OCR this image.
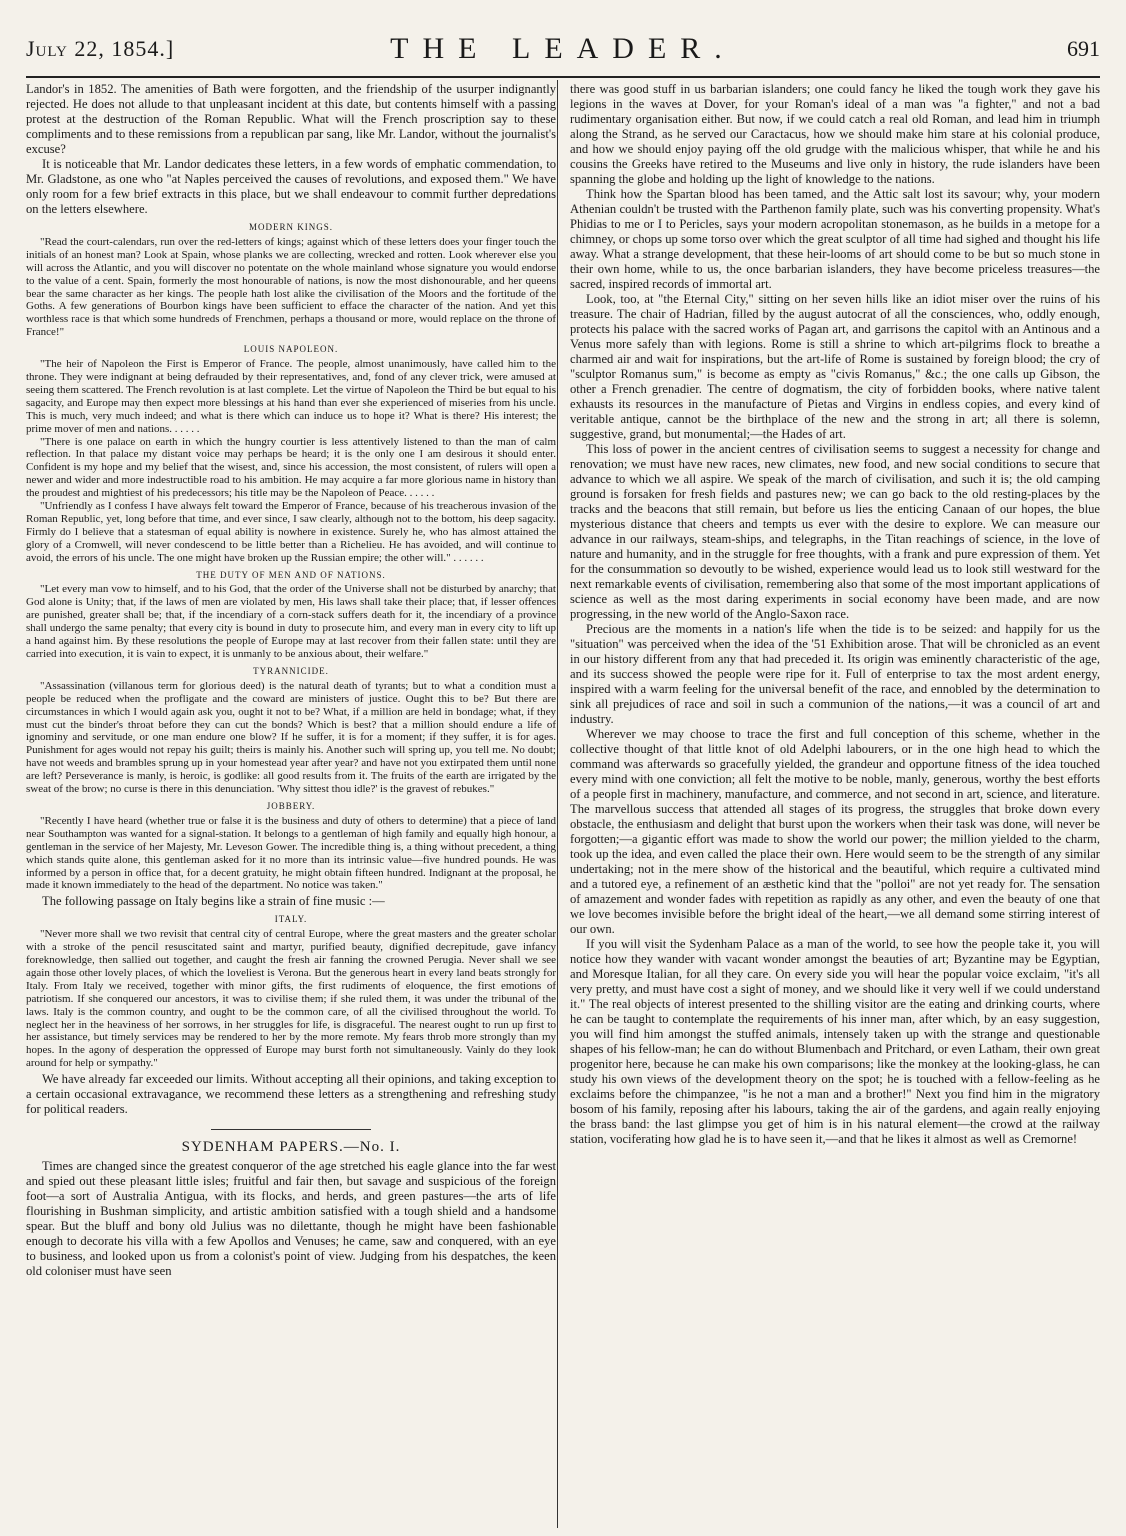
July 22, 1854.]	THE LEADER.	691

Landor's in 1852. The amenities of Bath were forgotten, and the friendship of the usurper indignantly rejected. He does not allude to that unpleasant incident at this date, but contents himself with a passing protest at the destruction of the Roman Republic. What will the French proscription say to these compliments and to these remissions from a republican par sang, like Mr. Landor, without the journalist's excuse?

It is noticeable that Mr. Landor dedicates these letters, in a few words of emphatic commendation, to Mr. Gladstone, as one who "at Naples perceived the causes of revolutions, and exposed them." We have only room for a few brief extracts in this place, but we shall endeavour to commit further depredations on the letters elsewhere.

MODERN KINGS.

"Read the court-calendars, run over the red-letters of kings; against which of these letters does your finger touch the initials of an honest man? Look at Spain, whose planks we are collecting, wrecked and rotten. Look wherever else you will across the Atlantic, and you will discover no potentate on the whole mainland whose signature you would endorse to the value of a cent. Spain, formerly the most honourable of nations, is now the most dishonourable, and her queens bear the same character as her kings. The people hath lost alike the civilisation of the Moors and the fortitude of the Goths. A few generations of Bourbon kings have been sufficient to efface the character of the nation. And yet this worthless race is that which some hundreds of Frenchmen, perhaps a thousand or more, would replace on the throne of France!"

LOUIS NAPOLEON.

"The heir of Napoleon the First is Emperor of France. The people, almost unanimously, have called him to the throne. They were indignant at being defrauded by their representatives, and, fond of any clever trick, were amused at seeing them scattered. The French revolution is at last complete. Let the virtue of Napoleon the Third be but equal to his sagacity, and Europe may then expect more blessings at his hand than ever she experienced of miseries from his uncle. This is much, very much indeed; and what is there which can induce us to hope it? What is there? His interest; the prime mover of men and nations. . . . . .

"There is one palace on earth in which the hungry courtier is less attentively listened to than the man of calm reflection. In that palace my distant voice may perhaps be heard; it is the only one I am desirous it should enter. Confident is my hope and my belief that the wisest, and, since his accession, the most consistent, of rulers will open a newer and wider and more indestructible road to his ambition. He may acquire a far more glorious name in history than the proudest and mightiest of his predecessors; his title may be the Napoleon of Peace. . . . . .

"Unfriendly as I confess I have always felt toward the Emperor of France, because of his treacherous invasion of the Roman Republic, yet, long before that time, and ever since, I saw clearly, although not to the bottom, his deep sagacity. Firmly do I believe that a statesman of equal ability is nowhere in existence. Surely he, who has almost attained the glory of a Cromwell, will never condescend to be little better than a Richelieu. He has avoided, and will continue to avoid, the errors of his uncle. The one might have broken up the Russian empire; the other will." . . . . . .

THE DUTY OF MEN AND OF NATIONS.

"Let every man vow to himself, and to his God, that the order of the Universe shall not be disturbed by anarchy; that God alone is Unity; that, if the laws of men are violated by men, His laws shall take their place; that, if lesser offences are punished, greater shall be; that, if the incendiary of a corn-stack suffers death for it, the incendiary of a province shall undergo the same penalty; that every city is bound in duty to prosecute him, and every man in every city to lift up a hand against him. By these resolutions the people of Europe may at last recover from their fallen state: until they are carried into execution, it is vain to expect, it is unmanly to be anxious about, their welfare."

TYRANNICIDE.

"Assassination (villanous term for glorious deed) is the natural death of tyrants; but to what a condition must a people be reduced when the profligate and the coward are ministers of justice. Ought this to be? But there are circumstances in which I would again ask you, ought it not to be? What, if a million are held in bondage; what, if they must cut the binder's throat before they can cut the bonds? Which is best? that a million should endure a life of ignominy and servitude, or one man endure one blow? If he suffer, it is for a moment; if they suffer, it is for ages. Punishment for ages would not repay his guilt; theirs is mainly his. Another such will spring up, you tell me. No doubt; have not weeds and brambles sprung up in your homestead year after year? and have not you extirpated them until none are left? Perseverance is manly, is heroic, is godlike: all good results from it. The fruits of the earth are irrigated by the sweat of the brow; no curse is there in this denunciation. 'Why sittest thou idle?' is the gravest of rebukes."

JOBBERY.

"Recently I have heard (whether true or false it is the business and duty of others to determine) that a piece of land near Southampton was wanted for a signal-station. It belongs to a gentleman of high family and equally high honour, a gentleman in the service of her Majesty, Mr. Leveson Gower. The incredible thing is, a thing without precedent, a thing which stands quite alone, this gentleman asked for it no more than its intrinsic value—five hundred pounds. He was informed by a person in office that, for a decent gratuity, he might obtain fifteen hundred. Indignant at the proposal, he made it known immediately to the head of the department. No notice was taken."

The following passage on Italy begins like a strain of fine music :—

ITALY.

"Never more shall we two revisit that central city of central Europe, where the great masters and the greater scholar with a stroke of the pencil resuscitated saint and martyr, purified beauty, dignified decrepitude, gave infancy foreknowledge, then sallied out together, and caught the fresh air fanning the crowned Perugia. Never shall we see again those other lovely places, of which the loveliest is Verona. But the generous heart in every land beats strongly for Italy. From Italy we received, together with minor gifts, the first rudiments of eloquence, the first emotions of patriotism. If she conquered our ancestors, it was to civilise them; if she ruled them, it was under the tribunal of the laws. Italy is the common country, and ought to be the common care, of all the civilised throughout the world. To neglect her in the heaviness of her sorrows, in her struggles for life, is disgraceful. The nearest ought to run up first to her assistance, but timely services may be rendered to her by the more remote. My fears throb more strongly than my hopes. In the agony of desperation the oppressed of Europe may burst forth not simultaneously. Vainly do they look around for help or sympathy."

We have already far exceeded our limits. Without accepting all their opinions, and taking exception to a certain occasional extravagance, we recommend these letters as a strengthening and refreshing study for political readers.

SYDENHAM PAPERS.—No. I.

Times are changed since the greatest conqueror of the age stretched his eagle glance into the far west and spied out these pleasant little isles; fruitful and fair then, but savage and suspicious of the foreign foot—a sort of Australia Antigua, with its flocks, and herds, and green pastures—the arts of life flourishing in Bushman simplicity, and artistic ambition satisfied with a tough shield and a handsome spear. But the bluff and bony old Julius was no dilettante, though he might have been fashionable enough to decorate his villa with a few Apollos and Venuses; he came, saw and conquered, with an eye to business, and looked upon us from a colonist's point of view. Judging from his despatches, the keen old coloniser must have seen

there was good stuff in us barbarian islanders; one could fancy he liked the tough work they gave his legions in the waves at Dover, for your Roman's ideal of a man was "a fighter," and not a bad rudimentary organisation either. But now, if we could catch a real old Roman, and lead him in triumph along the Strand, as he served our Caractacus, how we should make him stare at his colonial produce, and how we should enjoy paying off the old grudge with the malicious whisper, that while he and his cousins the Greeks have retired to the Museums and live only in history, the rude islanders have been spanning the globe and holding up the light of knowledge to the nations.

Think how the Spartan blood has been tamed, and the Attic salt lost its savour; why, your modern Athenian couldn't be trusted with the Parthenon family plate, such was his converting propensity. What's Phidias to me or I to Pericles, says your modern acropolitan stonemason, as he builds in a metope for a chimney, or chops up some torso over which the great sculptor of all time had sighed and thought his life away. What a strange development, that these heir-looms of art should come to be but so much stone in their own home, while to us, the once barbarian islanders, they have become priceless treasures—the sacred, inspired records of immortal art.

Look, too, at "the Eternal City," sitting on her seven hills like an idiot miser over the ruins of his treasure. The chair of Hadrian, filled by the august autocrat of all the consciences, who, oddly enough, protects his palace with the sacred works of Pagan art, and garrisons the capitol with an Antinous and a Venus more safely than with legions. Rome is still a shrine to which art-pilgrims flock to breathe a charmed air and wait for inspirations, but the art-life of Rome is sustained by foreign blood; the cry of "sculptor Romanus sum," is become as empty as "civis Romanus," &c.; the one calls up Gibson, the other a French grenadier. The centre of dogmatism, the city of forbidden books, where native talent exhausts its resources in the manufacture of Pietas and Virgins in endless copies, and every kind of veritable antique, cannot be the birthplace of the new and the strong in art; all there is solemn, suggestive, grand, but monumental;—the Hades of art.

This loss of power in the ancient centres of civilisation seems to suggest a necessity for change and renovation; we must have new races, new climates, new food, and new social conditions to secure that advance to which we all aspire. We speak of the march of civilisation, and such it is; the old camping ground is forsaken for fresh fields and pastures new; we can go back to the old resting-places by the tracks and the beacons that still remain, but before us lies the enticing Canaan of our hopes, the blue mysterious distance that cheers and tempts us ever with the desire to explore. We can measure our advance in our railways, steam-ships, and telegraphs, in the Titan reachings of science, in the love of nature and humanity, and in the struggle for free thoughts, with a frank and pure expression of them. Yet for the consummation so devoutly to be wished, experience would lead us to look still westward for the next remarkable events of civilisation, remembering also that some of the most important applications of science as well as the most daring experiments in social economy have been made, and are now progressing, in the new world of the Anglo-Saxon race.

Precious are the moments in a nation's life when the tide is to be seized: and happily for us the "situation" was perceived when the idea of the '51 Exhibition arose. That will be chronicled as an event in our history different from any that had preceded it. Its origin was eminently characteristic of the age, and its success showed the people were ripe for it. Full of enterprise to tax the most ardent energy, inspired with a warm feeling for the universal benefit of the race, and ennobled by the determination to sink all prejudices of race and soil in such a communion of the nations,—it was a council of art and industry.

Wherever we may choose to trace the first and full conception of this scheme, whether in the collective thought of that little knot of old Adelphi labourers, or in the one high head to which the command was afterwards so gracefully yielded, the grandeur and opportune fitness of the idea touched every mind with one conviction; all felt the motive to be noble, manly, generous, worthy the best efforts of a people first in machinery, manufacture, and commerce, and not second in art, science, and literature. The marvellous success that attended all stages of its progress, the struggles that broke down every obstacle, the enthusiasm and delight that burst upon the workers when their task was done, will never be forgotten;—a gigantic effort was made to show the world our power; the million yielded to the charm, took up the idea, and even called the place their own. Here would seem to be the strength of any similar undertaking; not in the mere show of the historical and the beautiful, which require a cultivated mind and a tutored eye, a refinement of an æsthetic kind that the "polloi" are not yet ready for. The sensation of amazement and wonder fades with repetition as rapidly as any other, and even the beauty of one that we love becomes invisible before the bright ideal of the heart,—we all demand some stirring interest of our own.

If you will visit the Sydenham Palace as a man of the world, to see how the people take it, you will notice how they wander with vacant wonder amongst the beauties of art; Byzantine may be Egyptian, and Moresque Italian, for all they care. On every side you will hear the popular voice exclaim, "it's all very pretty, and must have cost a sight of money, and we should like it very well if we could understand it." The real objects of interest presented to the shilling visitor are the eating and drinking courts, where he can be taught to contemplate the requirements of his inner man, after which, by an easy suggestion, you will find him amongst the stuffed animals, intensely taken up with the strange and questionable shapes of his fellow-man; he can do without Blumenbach and Pritchard, or even Latham, their own great progenitor here, because he can make his own comparisons; like the monkey at the looking-glass, he can study his own views of the development theory on the spot; he is touched with a fellow-feeling as he exclaims before the chimpanzee, "is he not a man and a brother!" Next you find him in the migratory bosom of his family, reposing after his labours, taking the air of the gardens, and again really enjoying the brass band: the last glimpse you get of him is in his natural element—the crowd at the railway station, vociferating how glad he is to have seen it,—and that he likes it almost as well as Cremorne!
